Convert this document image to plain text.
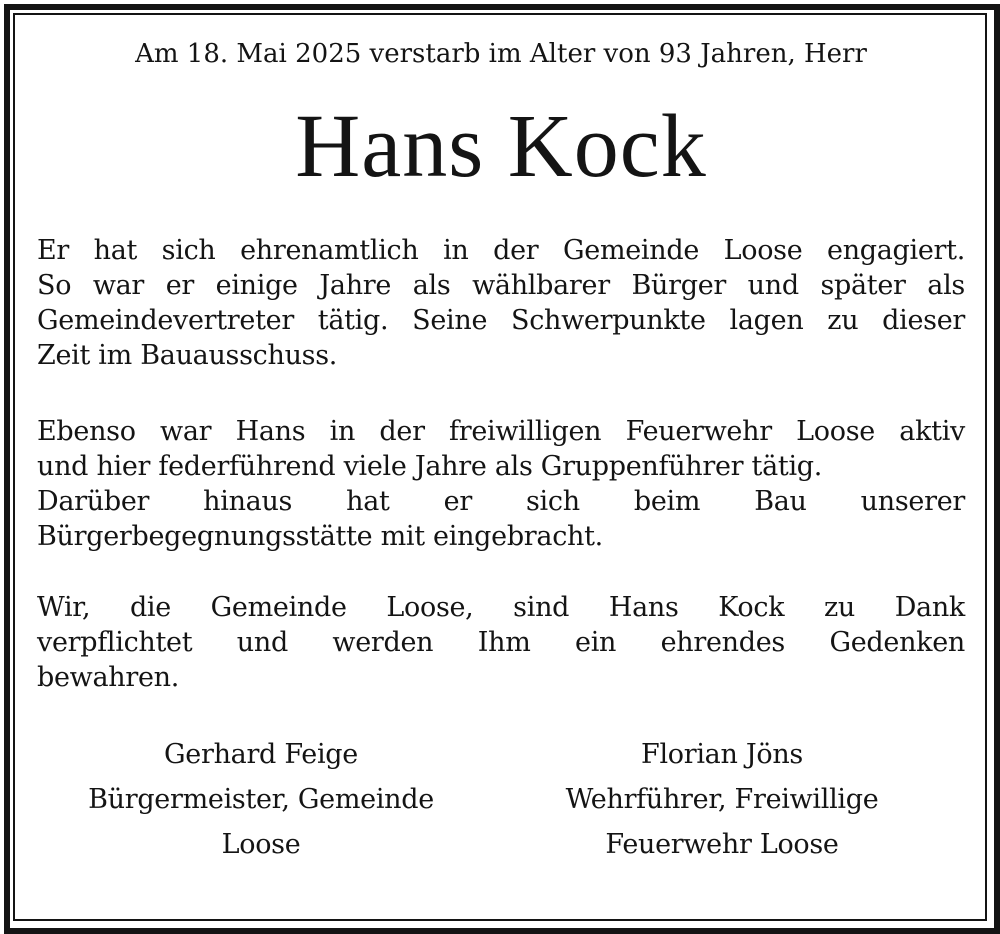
Am 18. Mai 2025 verstarb im Alter von 93 Jahren, Herr
Hans Kock

Er hat sich ehrenamtlich in der Gemeinde Loose engagiert.
So war er einige Jahre als wählbarer Bürger und später als
Gemeindevertreter tätig. Seine Schwerpunkte lagen zu dieser
Zeit im Bauausschuss.

Ebenso war Hans in der freiwilligen Feuerwehr Loose aktiv
und hier federführend viele Jahre als Gruppenführer tätig.
Darüber hinaus hat er sich beim Bau unserer
Bürgerbegegnungsstätte mit eingebracht.

Wir, die Gemeinde Loose, sind Hans Kock zu Dank
verpflichtet und werden Ihm ein ehrendes Gedenken
bewahren.

Gerhard Feige
Bürgermeister, Gemeinde
Loose
Florian Jöns
Wehrführer, Freiwillige
Feuerwehr Loose
